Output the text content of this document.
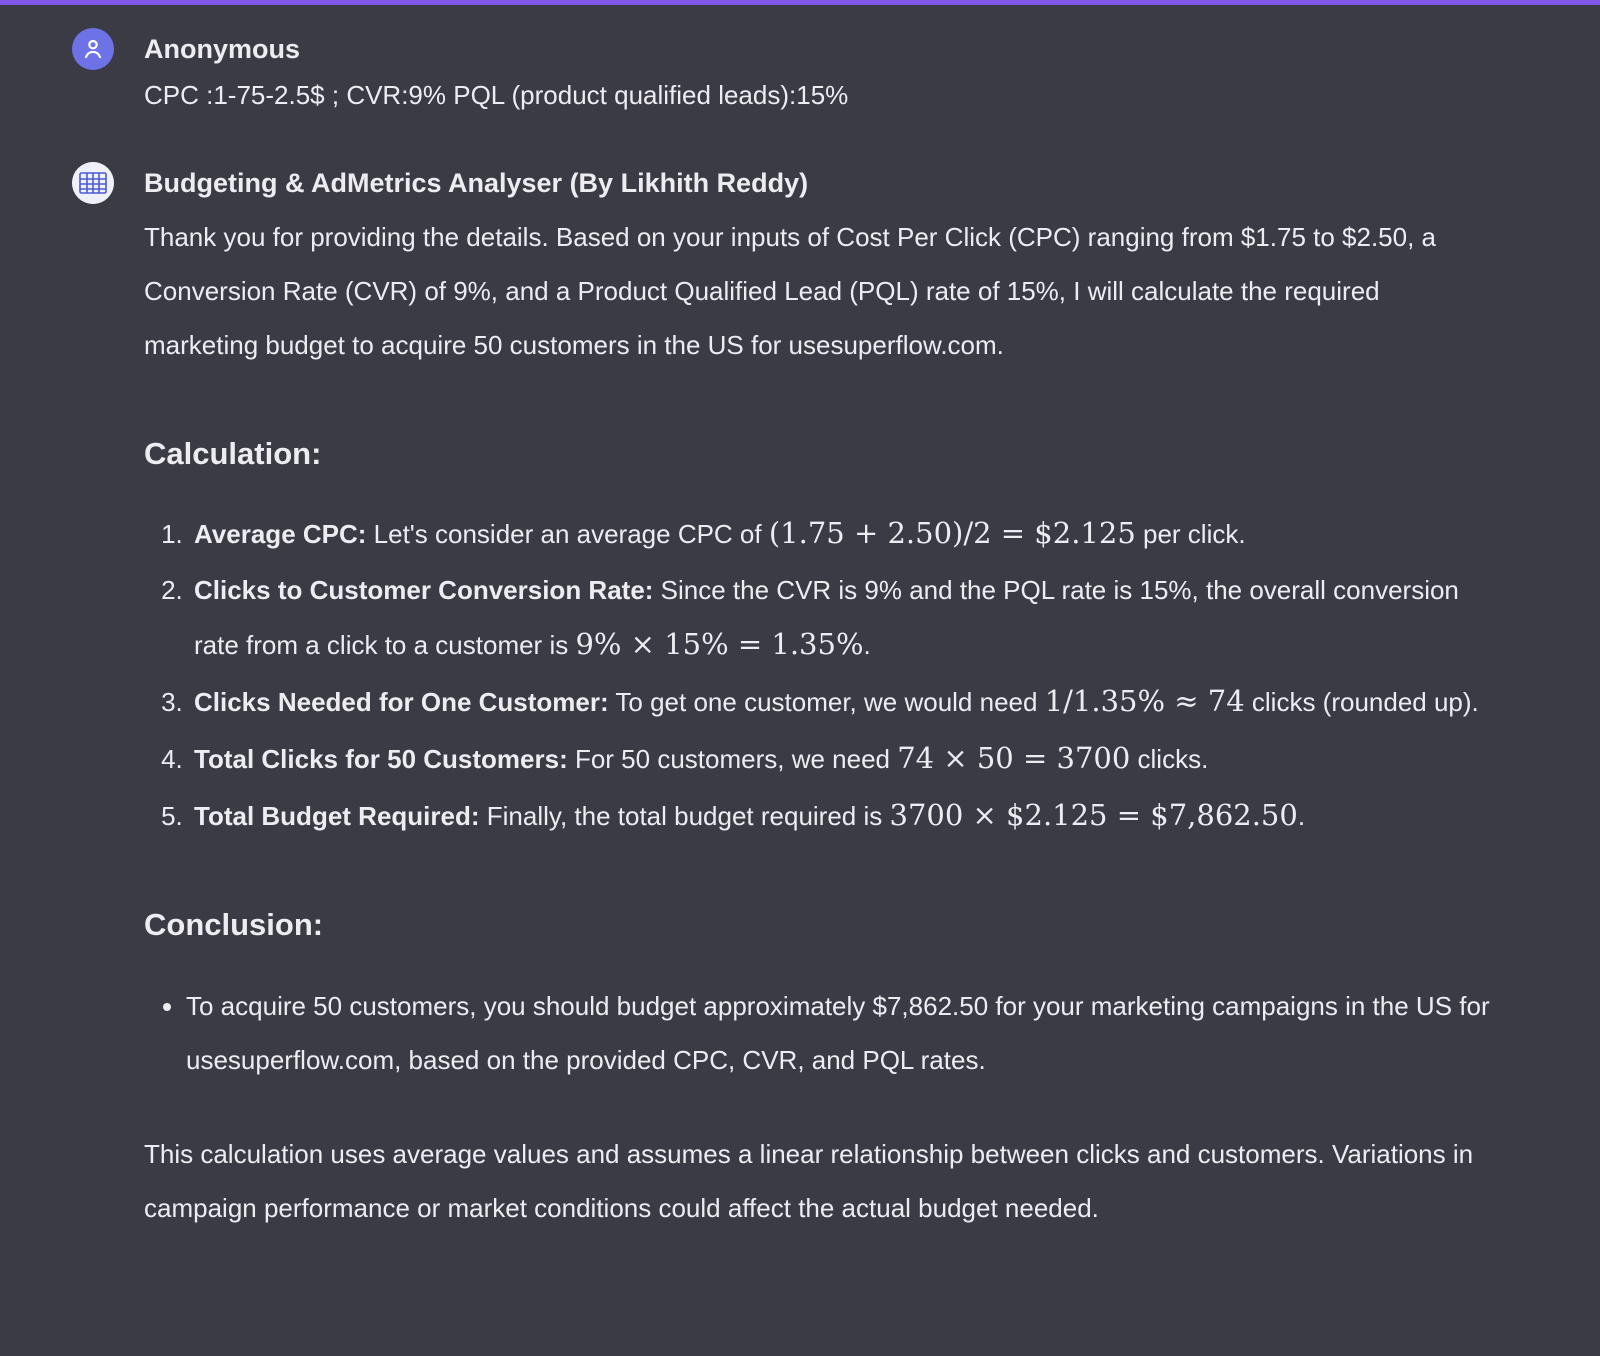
Anonymous
CPC :1-75-2.5$ ; CVR:9% PQL (product qualified leads):15%
Budgeting & AdMetrics Analyser (By Likhith Reddy)

Thank you for providing the details. Based on your inputs of Cost Per Click (CPC) ranging from $1.75 to $2.50, a Conversion Rate (CVR) of 9%, and a Product Qualified Lead (PQL) rate of 15%, I will calculate the required marketing budget to acquire 50 customers in the US for usesuperflow.com.

Calculation:
1. Average CPC: Let's consider an average CPC of (1.75 + 2.50)/2 = $2.125 per click.
2. Clicks to Customer Conversion Rate: Since the CVR is 9% and the PQL rate is 15%, the overall conversion rate from a click to a customer is 9% × 15% = 1.35%.
3. Clicks Needed for One Customer: To get one customer, we would need 1/1.35% ≈ 74 clicks (rounded up).
4. Total Clicks for 50 Customers: For 50 customers, we need 74 × 50 = 3700 clicks.
5. Total Budget Required: Finally, the total budget required is 3700 × $2.125 = $7,862.50.
Conclusion:
• To acquire 50 customers, you should budget approximately $7,862.50 for your marketing campaigns in the US for usesuperflow.com, based on the provided CPC, CVR, and PQL rates.

This calculation uses average values and assumes a linear relationship between clicks and customers. Variations in campaign performance or market conditions could affect the actual budget needed.
